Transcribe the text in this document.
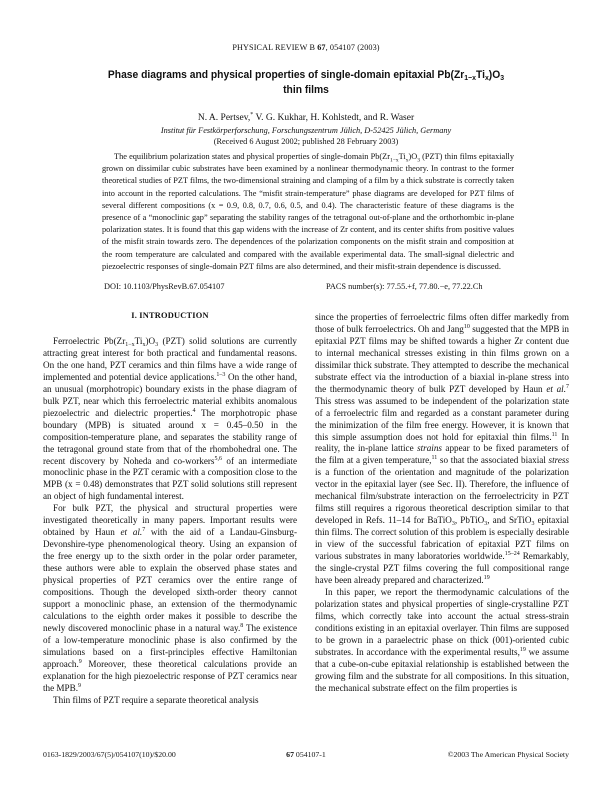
PHYSICAL REVIEW B 67, 054107 (2003)
Phase diagrams and physical properties of single-domain epitaxial $Pb(Zr_{1-x}Ti_x)O_3$
thin films
N. A. Pertsev,* V. G. Kukhar, H. Kohlstedt, and R. Waser
Institut für Festkörperforschung, Forschungszentrum Jülich, D-52425 Jülich, Germany
(Received 6 August 2002; published 28 February 2003)
The equilibrium polarization states and physical properties of single-domain $Pb(Zr_{1-x}Ti_x)O_3$ (PZT) thin films epitaxially grown on dissimilar cubic substrates have been examined by a nonlinear thermodynamic theory. In contrast to the former theoretical studies of PZT films, the two-dimensional straining and clamping of a film by a thick substrate is correctly taken into account in the reported calculations. The “misfit strain-temperature” phase diagrams are developed for PZT films of several different compositions (x = 0.9, 0.8, 0.7, 0.6, 0.5, and 0.4). The characteristic feature of these diagrams is the presence of a “monoclinic gap” separating the stability ranges of the tetragonal out-of-plane and the orthorhombic in-plane polarization states. It is found that this gap widens with the increase of Zr content, and its center shifts from positive values of the misfit strain towards zero. The dependences of the polarization components on the misfit strain and composition at the room temperature are calculated and compared with the available experimental data. The small-signal dielectric and piezoelectric responses of single-domain PZT films are also determined, and their misfit-strain dependence is discussed.
DOI: 10.1103/PhysRevB.67.054107	PACS number(s): 77.55.+f, 77.80.−e, 77.22.Ch
I. INTRODUCTION

Ferroelectric $Pb(Zr_{1-x}Ti_x)O_3$ (PZT) solid solutions are currently attracting great interest for both practical and fundamental reasons. On the one hand, PZT ceramics and thin films have a wide range of implemented and potential device applications.$^{1-3}$ On the other hand, an unusual (morphotropic) boundary exists in the phase diagram of bulk PZT, near which this ferroelectric material exhibits anomalous piezoelectric and dielectric properties.$^4$ The morphotropic phase boundary (MPB) is situated around x = 0.45–0.50 in the composition-temperature plane, and separates the stability range of the tetragonal ground state from that of the rhombohedral one. The recent discovery by Noheda and co-workers$^{5,6}$ of an intermediate monoclinic phase in the PZT ceramic with a composition close to the MPB (x = 0.48) demonstrates that PZT solid solutions still represent an object of high fundamental interest.

For bulk PZT, the physical and structural properties were investigated theoretically in many papers. Important results were obtained by Haun et al.$^7$ with the aid of a Landau-Ginsburg-Devonshire-type phenomenological theory. Using an expansion of the free energy up to the sixth order in the polar order parameter, these authors were able to explain the observed phase states and physical properties of PZT ceramics over the entire range of compositions. Though the developed sixth-order theory cannot support a monoclinic phase, an extension of the thermodynamic calculations to the eighth order makes it possible to describe the newly discovered monoclinic phase in a natural way.$^8$ The existence of a low-temperature monoclinic phase is also confirmed by the simulations based on a first-principles effective Hamiltonian approach.$^9$ Moreover, these theoretical calculations provide an explanation for the high piezoelectric response of PZT ceramics near the MPB.$^9$

Thin films of PZT require a separate theoretical analysis

since the properties of ferroelectric films often differ markedly from those of bulk ferroelectrics. Oh and Jang$^{10}$ suggested that the MPB in epitaxial PZT films may be shifted towards a higher Zr content due to internal mechanical stresses existing in thin films grown on a dissimilar thick substrate. They attempted to describe the mechanical substrate effect via the introduction of a biaxial in-plane stress into the thermodynamic theory of bulk PZT developed by Haun et al.$^7$ This stress was assumed to be independent of the polarization state of a ferroelectric film and regarded as a constant parameter during the minimization of the film free energy. However, it is known that this simple assumption does not hold for epitaxial thin films.$^{11}$ In reality, the in-plane lattice strains appear to be fixed parameters of the film at a given temperature,$^{11}$ so that the associated biaxial stress is a function of the orientation and magnitude of the polarization vector in the epitaxial layer (see Sec. II). Therefore, the influence of mechanical film/substrate interaction on the ferroelectricity in PZT films still requires a rigorous theoretical description similar to that developed in Refs. 11–14 for BaTiO$_3$, PbTiO$_3$, and SrTiO$_3$ epitaxial thin films. The correct solution of this problem is especially desirable in view of the successful fabrication of epitaxial PZT films on various substrates in many laboratories worldwide.$^{15-24}$ Remarkably, the single-crystal PZT films covering the full compositional range have been already prepared and characterized.$^{19}$

In this paper, we report the thermodynamic calculations of the polarization states and physical properties of single-crystalline PZT films, which correctly take into account the actual stress-strain conditions existing in an epitaxial overlayer. Thin films are supposed to be grown in a paraelectric phase on thick (001)-oriented cubic substrates. In accordance with the experimental results,$^{19}$ we assume that a cube-on-cube epitaxial relationship is established between the growing film and the substrate for all compositions. In this situation, the mechanical substrate effect on the film properties is

0163-1829/2003/67(5)/054107(10)/$20.00	67 054107-1	©2003 The American Physical Society
